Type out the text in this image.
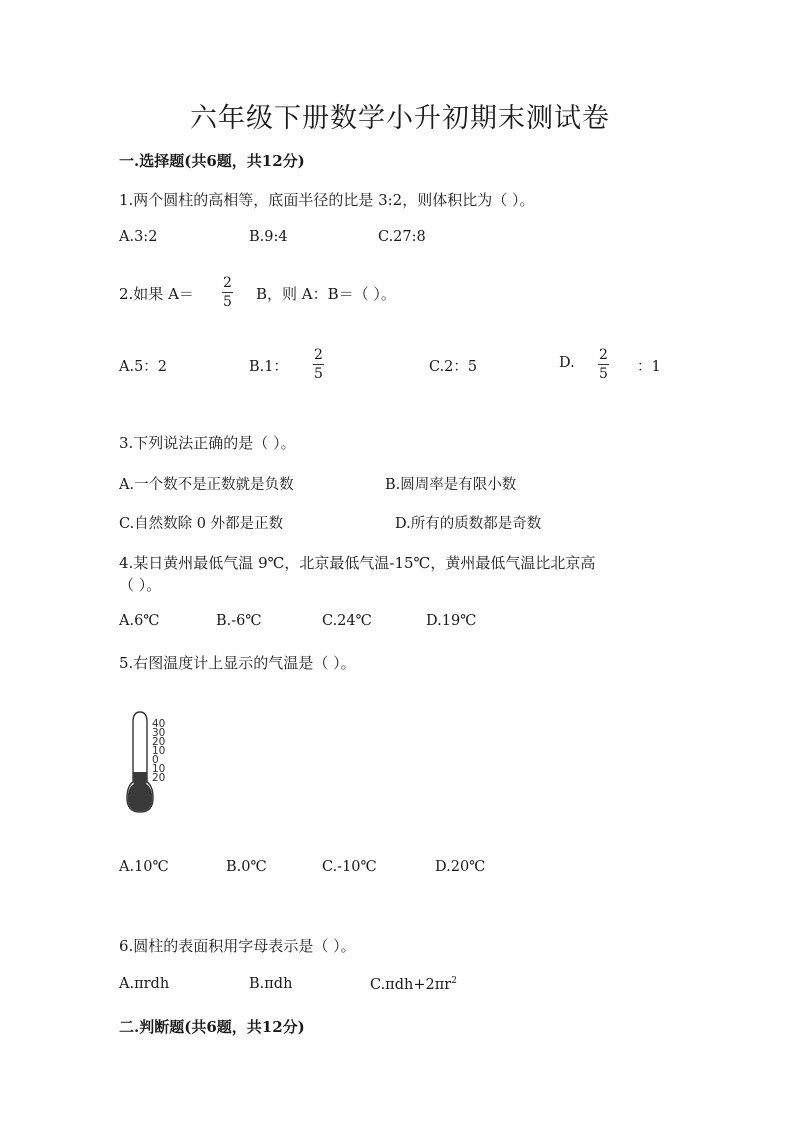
六年级下册数学小升初期末测试卷
一.选择题(共6题，共12分)
1.两个圆柱的高相等，底面半径的比是 3:2，则体积比为（ ）。
A.3:2	B.9:4	C.27:8
2.如果 A＝
2
5 B，则 A：B＝（ ）。
A.5：2	B.1：
2
5	C.2：5	D. 2
5 ：1
3.下列说法正确的是（ ）。
A.一个数不是正数就是负数	B.圆周率是有限小数
C.自然数除 0 外都是正数	D.所有的质数都是奇数
4.某日黄州最低气温 9℃，北京最低气温-15℃，黄州最低气温比北京高
（ ）。
A.6℃	B.-6℃	C.24℃	D.19℃
5.右图温度计上显示的气温是（ ）。
40
30
20
10
0
10
20
A.10℃	B.0℃	C.-10℃	D.20℃
6.圆柱的表面积用字母表示是（ ）。
A.πrdh	B.πdh	$C.\pi dh+2\pi r^2$
二.判断题(共6题，共12分)
